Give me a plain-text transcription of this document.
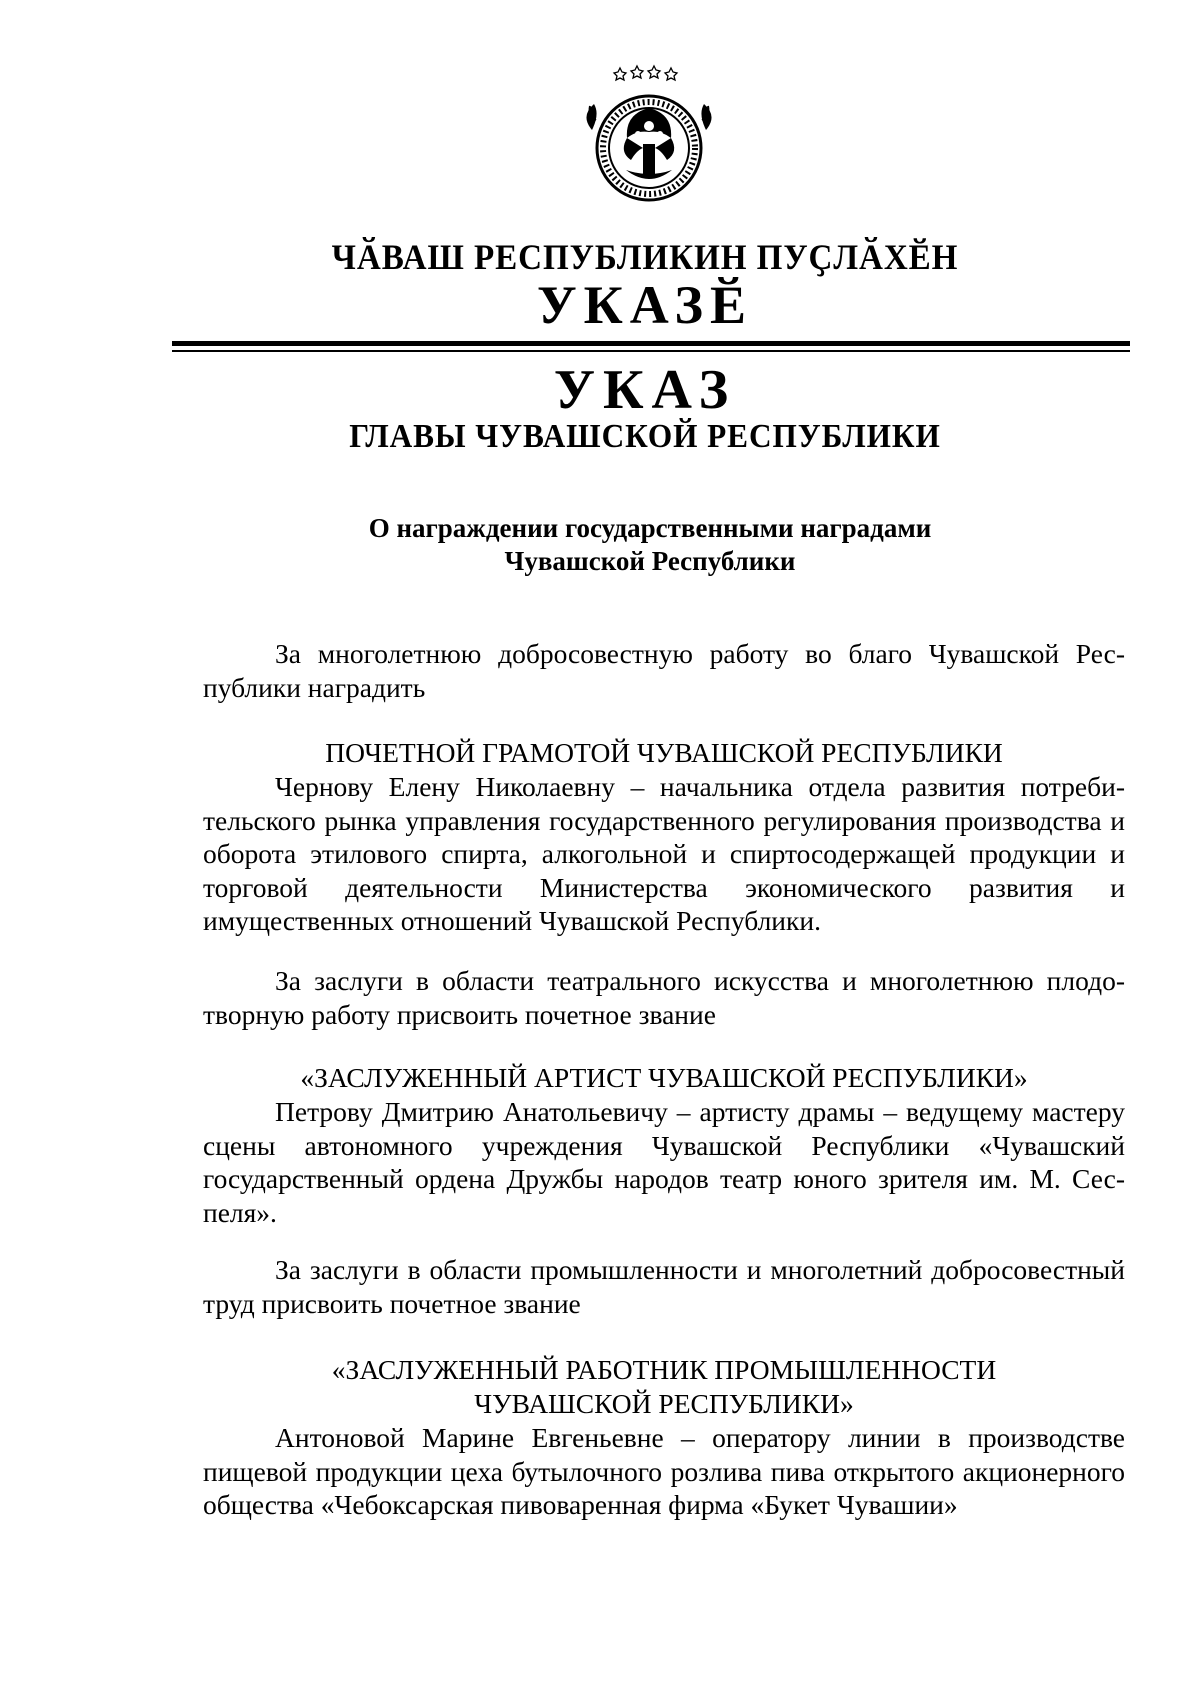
ЧӐВАШ РЕСПУБЛИКИН ПУҪЛӐХӖН
УКАЗӖ
УКАЗ
ГЛАВЫ ЧУВАШСКОЙ РЕСПУБЛИКИ
О награждении государственными наградами
Чувашской Республики
За многолетнюю добросовестную работу во благо Чувашской Республики наградить
ПОЧЕТНОЙ ГРАМОТОЙ ЧУВАШСКОЙ РЕСПУБЛИКИ
Чернову Елену Николаевну – начальника отдела развития потребительского рынка управления государственного регулирования производства и оборота этилового спирта, алкогольной и спиртосодержащей продукции и торговой деятельности Министерства экономического развития и имущественных отношений Чувашской Республики.
За заслуги в области театрального искусства и многолетнюю плодотворную работу присвоить почетное звание
«ЗАСЛУЖЕННЫЙ АРТИСТ ЧУВАШСКОЙ РЕСПУБЛИКИ»
Петрову Дмитрию Анатольевичу – артисту драмы – ведущему мастеру сцены автономного учреждения Чувашской Республики «Чувашский государственный ордена Дружбы народов театр юного зрителя им. М. Сеспеля».
За заслуги в области промышленности и многолетний добросовестный труд присвоить почетное звание
«ЗАСЛУЖЕННЫЙ РАБОТНИК ПРОМЫШЛЕННОСТИ
ЧУВАШСКОЙ РЕСПУБЛИКИ»
Антоновой Марине Евгеньевне – оператору линии в производстве пищевой продукции цеха бутылочного розлива пива открытого акционерного общества «Чебоксарская пивоваренная фирма «Букет Чувашии»
